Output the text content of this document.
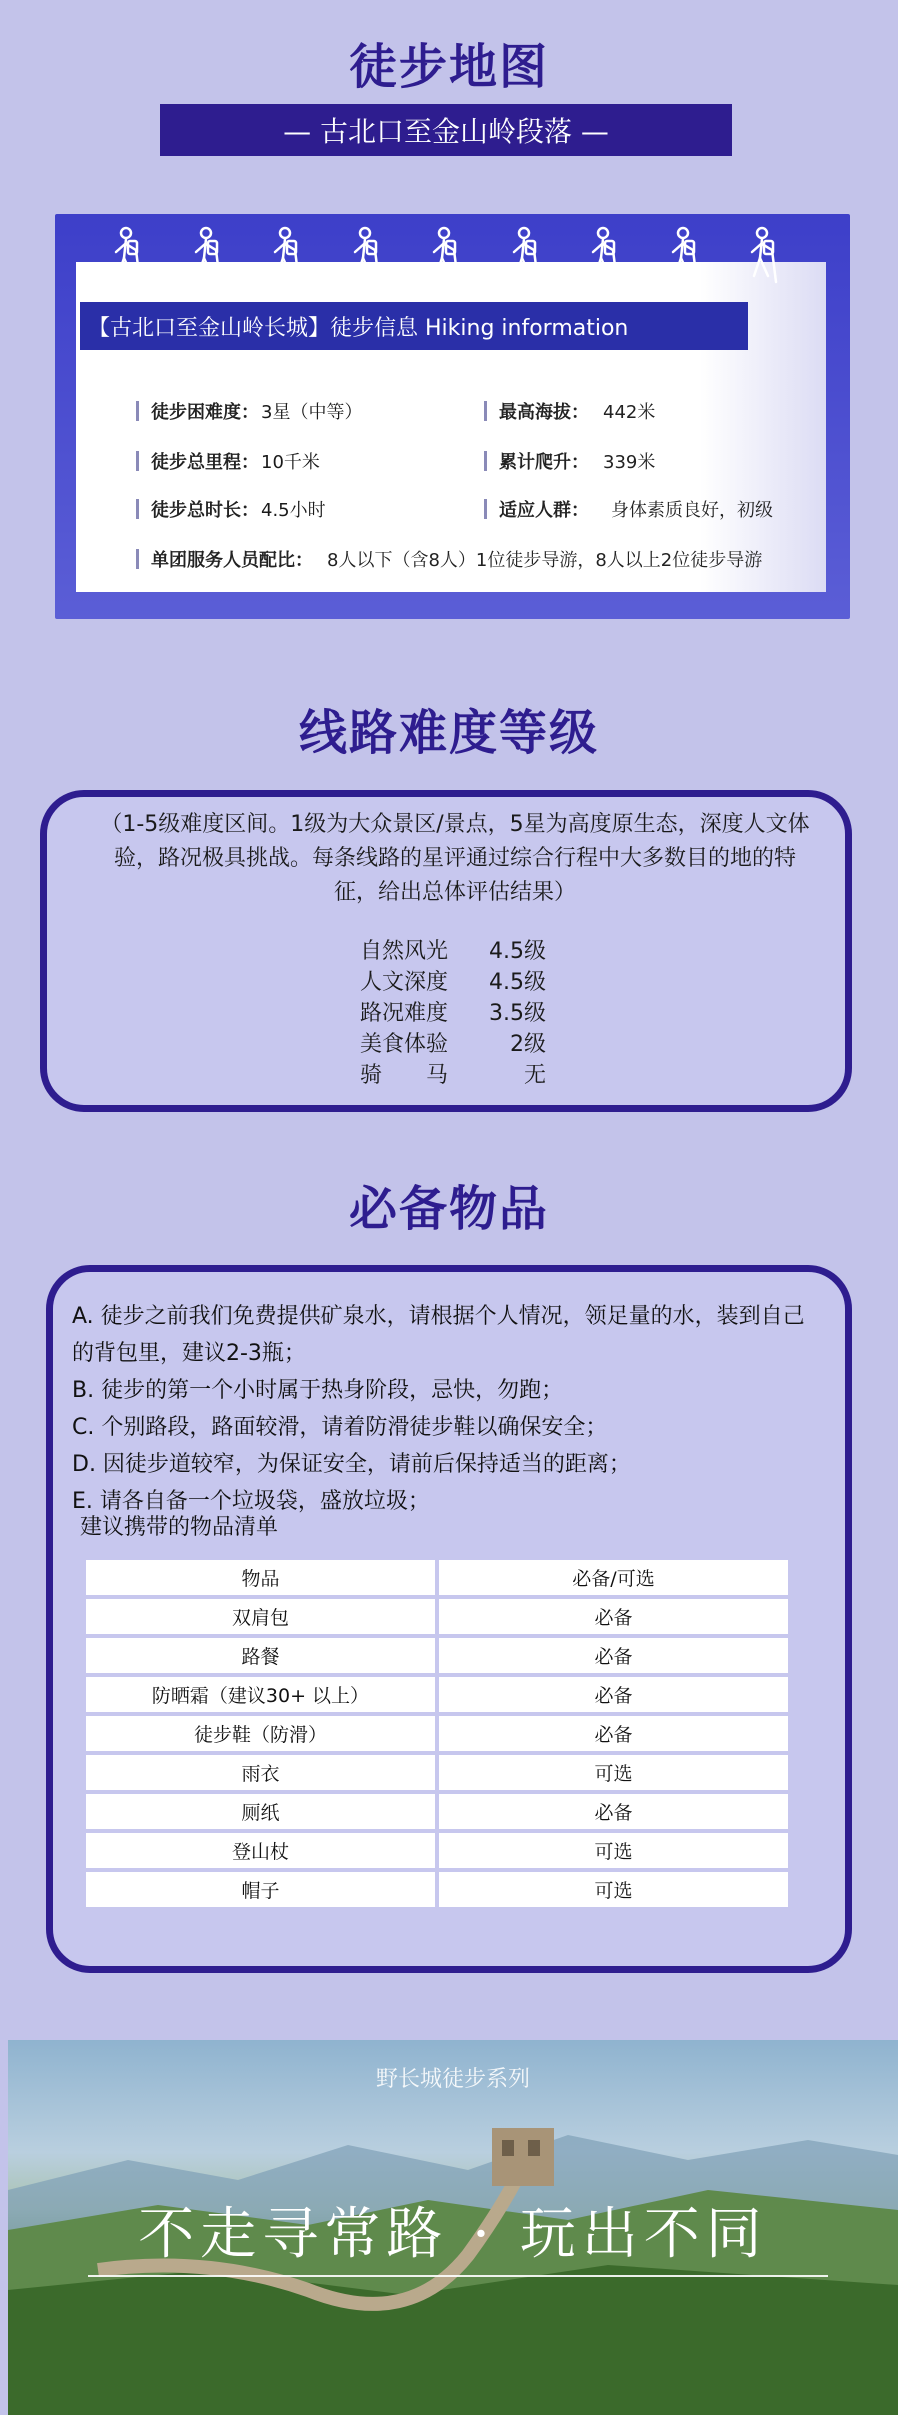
徒步地图
— 古北口至金山岭段落 —
【古北口至金山岭长城】徒步信息 Hiking information
徒步困难度： 3星（中等）	最高海拔： 442米
徒步总里程： 10千米	累计爬升： 339米
徒步总时长： 4.5小时	适应人群： 身体素质良好，初级
单团服务人员配比： 8人以下（含8人）1位徒步导游，8人以上2位徒步导游
线路难度等级
（1-5级难度区间。1级为大众景区/景点，5星为高度原生态，深度人文体验，路况极具挑战。每条线路的星评通过综合行程中大多数目的地的特征，给出总体评估结果）
自然风光	4.5级
人文深度	4.5级
路况难度	3.5级
美食体验	2级
骑　　马	无
必备物品
A. 徒步之前我们免费提供矿泉水，请根据个人情况，领足量的水，装到自己的背包里，建议2-3瓶；
B. 徒步的第一个小时属于热身阶段，忌快，勿跑；
C. 个别路段，路面较滑，请着防滑徒步鞋以确保安全；
D. 因徒步道较窄，为保证安全，请前后保持适当的距离；
E. 请各自备一个垃圾袋，盛放垃圾；
建议携带的物品清单
物品	必备/可选
双肩包	必备
路餐	必备
防晒霜（建议30+ 以上）	必备
徒步鞋（防滑）	必备
雨衣	可选
厕纸	必备
登山杖	可选
帽子	可选
野长城徒步系列
不走寻常路 · 玩出不同
